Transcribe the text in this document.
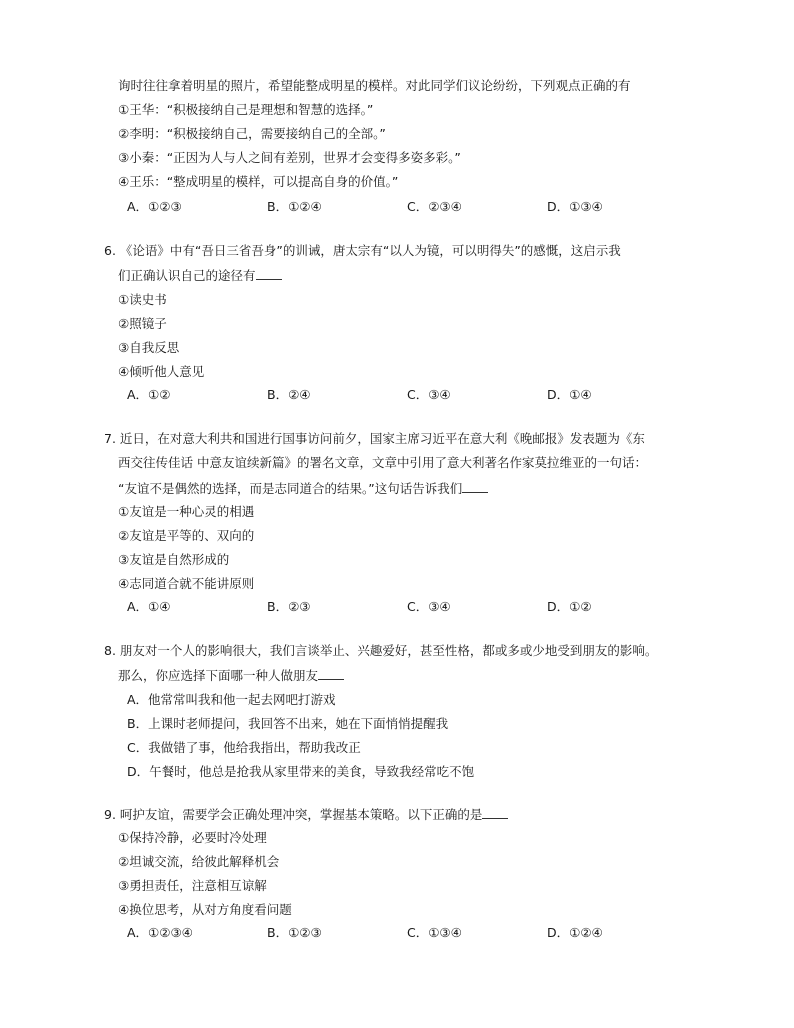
询时往往拿着明星的照片，希望能整成明星的模样。对此同学们议论纷纷，下列观点正确的有
①王华：“积极接纳自己是理想和智慧的选择。”
②李明：“积极接纳自己，需要接纳自己的全部。”
③小秦：“正因为人与人之间有差别，世界才会变得多姿多彩。”
④王乐：“整成明星的模样，可以提高自身的价值。”
A．①②③	B．①②④	C．②③④	D．①③④
6. 《论语》中有“吾日三省吾身”的训诫，唐太宗有“以人为镜，可以明得失”的感慨，这启示我
们正确认识自己的途径有
①读史书
②照镜子
③自我反思
④倾听他人意见
A．①②	B．②④	C．③④	D．①④
7. 近日，在对意大利共和国进行国事访问前夕，国家主席习近平在意大利《晚邮报》发表题为《东
西交往传佳话 中意友谊续新篇》的署名文章，文章中引用了意大利著名作家莫拉维亚的一句话：
“友谊不是偶然的选择，而是志同道合的结果。”这句话告诉我们
①友谊是一种心灵的相遇
②友谊是平等的、双向的
③友谊是自然形成的
④志同道合就不能讲原则
A．①④	B．②③	C．③④	D．①②
8. 朋友对一个人的影响很大，我们言谈举止、兴趣爱好，甚至性格，都或多或少地受到朋友的影响。
那么，你应选择下面哪一种人做朋友
A．他常常叫我和他一起去网吧打游戏
B．上课时老师提问，我回答不出来，她在下面悄悄提醒我
C．我做错了事，他给我指出，帮助我改正
D．午餐时，他总是抢我从家里带来的美食，导致我经常吃不饱
9. 呵护友谊，需要学会正确处理冲突，掌握基本策略。以下正确的是
①保持冷静，必要时冷处理
②坦诚交流，给彼此解释机会
③勇担责任，注意相互谅解
④换位思考，从对方角度看问题
A．①②③④	B．①②③	C．①③④	D．①②④
